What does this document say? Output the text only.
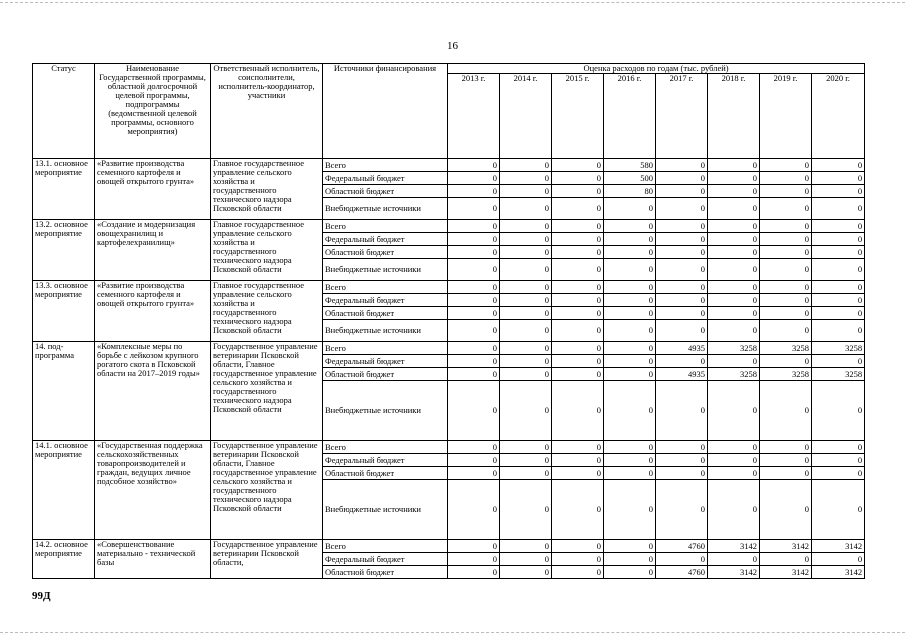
16
Статус	Наименование Государственной программы, областной долгосрочной целевой программы, подпрограммы (ведомственной целевой программы, основного мероприятия)	Ответственный исполнитель, соисполнители, исполнитель-координатор, участники	Источники финансирования	Оценка расходов по годам (тыс. рублей)							
				2013 г.	2014 г.	2015 г.	2016 г.	2017 г.	2018 г.	2019 г.	2020 г.
13.1. основное мероприятие	«Развитие производства семенного картофеля и овощей открытого грунта»	Главное государственное управление сельского хозяйства и государственного технического надзора Псковской области	Всего	0	0	0	580	0	0	0	0
			Федеральный бюджет	0	0	0	500	0	0	0	0
			Областной бюджет	0	0	0	80	0	0	0	0
			Внебюджетные источники	0	0	0	0	0	0	0	0
13.2. основное мероприятие	«Создание и модернизация овощехранилищ и картофелехранилищ»	Главное государственное управление сельского хозяйства и государственного технического надзора Псковской области	Всего	0	0	0	0	0	0	0	0
			Федеральный бюджет	0	0	0	0	0	0	0	0
			Областной бюджет	0	0	0	0	0	0	0	0
			Внебюджетные источники	0	0	0	0	0	0	0	0
13.3. основное мероприятие	«Развитие производства семенного картофеля и овощей открытого грунта»	Главное государственное управление сельского хозяйства и государственного технического надзора Псковской области	Всего	0	0	0	0	0	0	0	0
			Федеральный бюджет	0	0	0	0	0	0	0	0
			Областной бюджет	0	0	0	0	0	0	0	0
			Внебюджетные источники	0	0	0	0	0	0	0	0
14. под-программа	«Комплексные меры по борьбе с лейкозом крупного рогатого скота в Псковской области на 2017–2019 годы»	Государственное управление ветеринарии Псковской области, Главное государственное управление сельского хозяйства и государственного технического надзора Псковской области	Всего	0	0	0	0	4935	3258	3258	3258
			Федеральный бюджет	0	0	0	0	0	0	0	0
			Областной бюджет	0	0	0	0	4935	3258	3258	3258
			Внебюджетные источники	0	0	0	0	0	0	0	0
14.1. основное мероприятие	«Государственная поддержка сельскохозяйственных товаропроизводителей и граждан, ведущих личное подсобное хозяйство»	Государственное управление ветеринарии Псковской области, Главное государственное управление сельского хозяйства и государственного технического надзора Псковской области	Всего	0	0	0	0	0	0	0	0
			Федеральный бюджет	0	0	0	0	0	0	0	0
			Областной бюджет	0	0	0	0	0	0	0	0
			Внебюджетные источники	0	0	0	0	0	0	0	0
14.2. основное мероприятие	«Совершенствование материально - технической базы	Государственное управление ветеринарии Псковской области,	Всего	0	0	0	0	4760	3142	3142	3142
			Федеральный бюджет	0	0	0	0	0	0	0	0
			Областной бюджет	0	0	0	0	4760	3142	3142	3142
99Д
